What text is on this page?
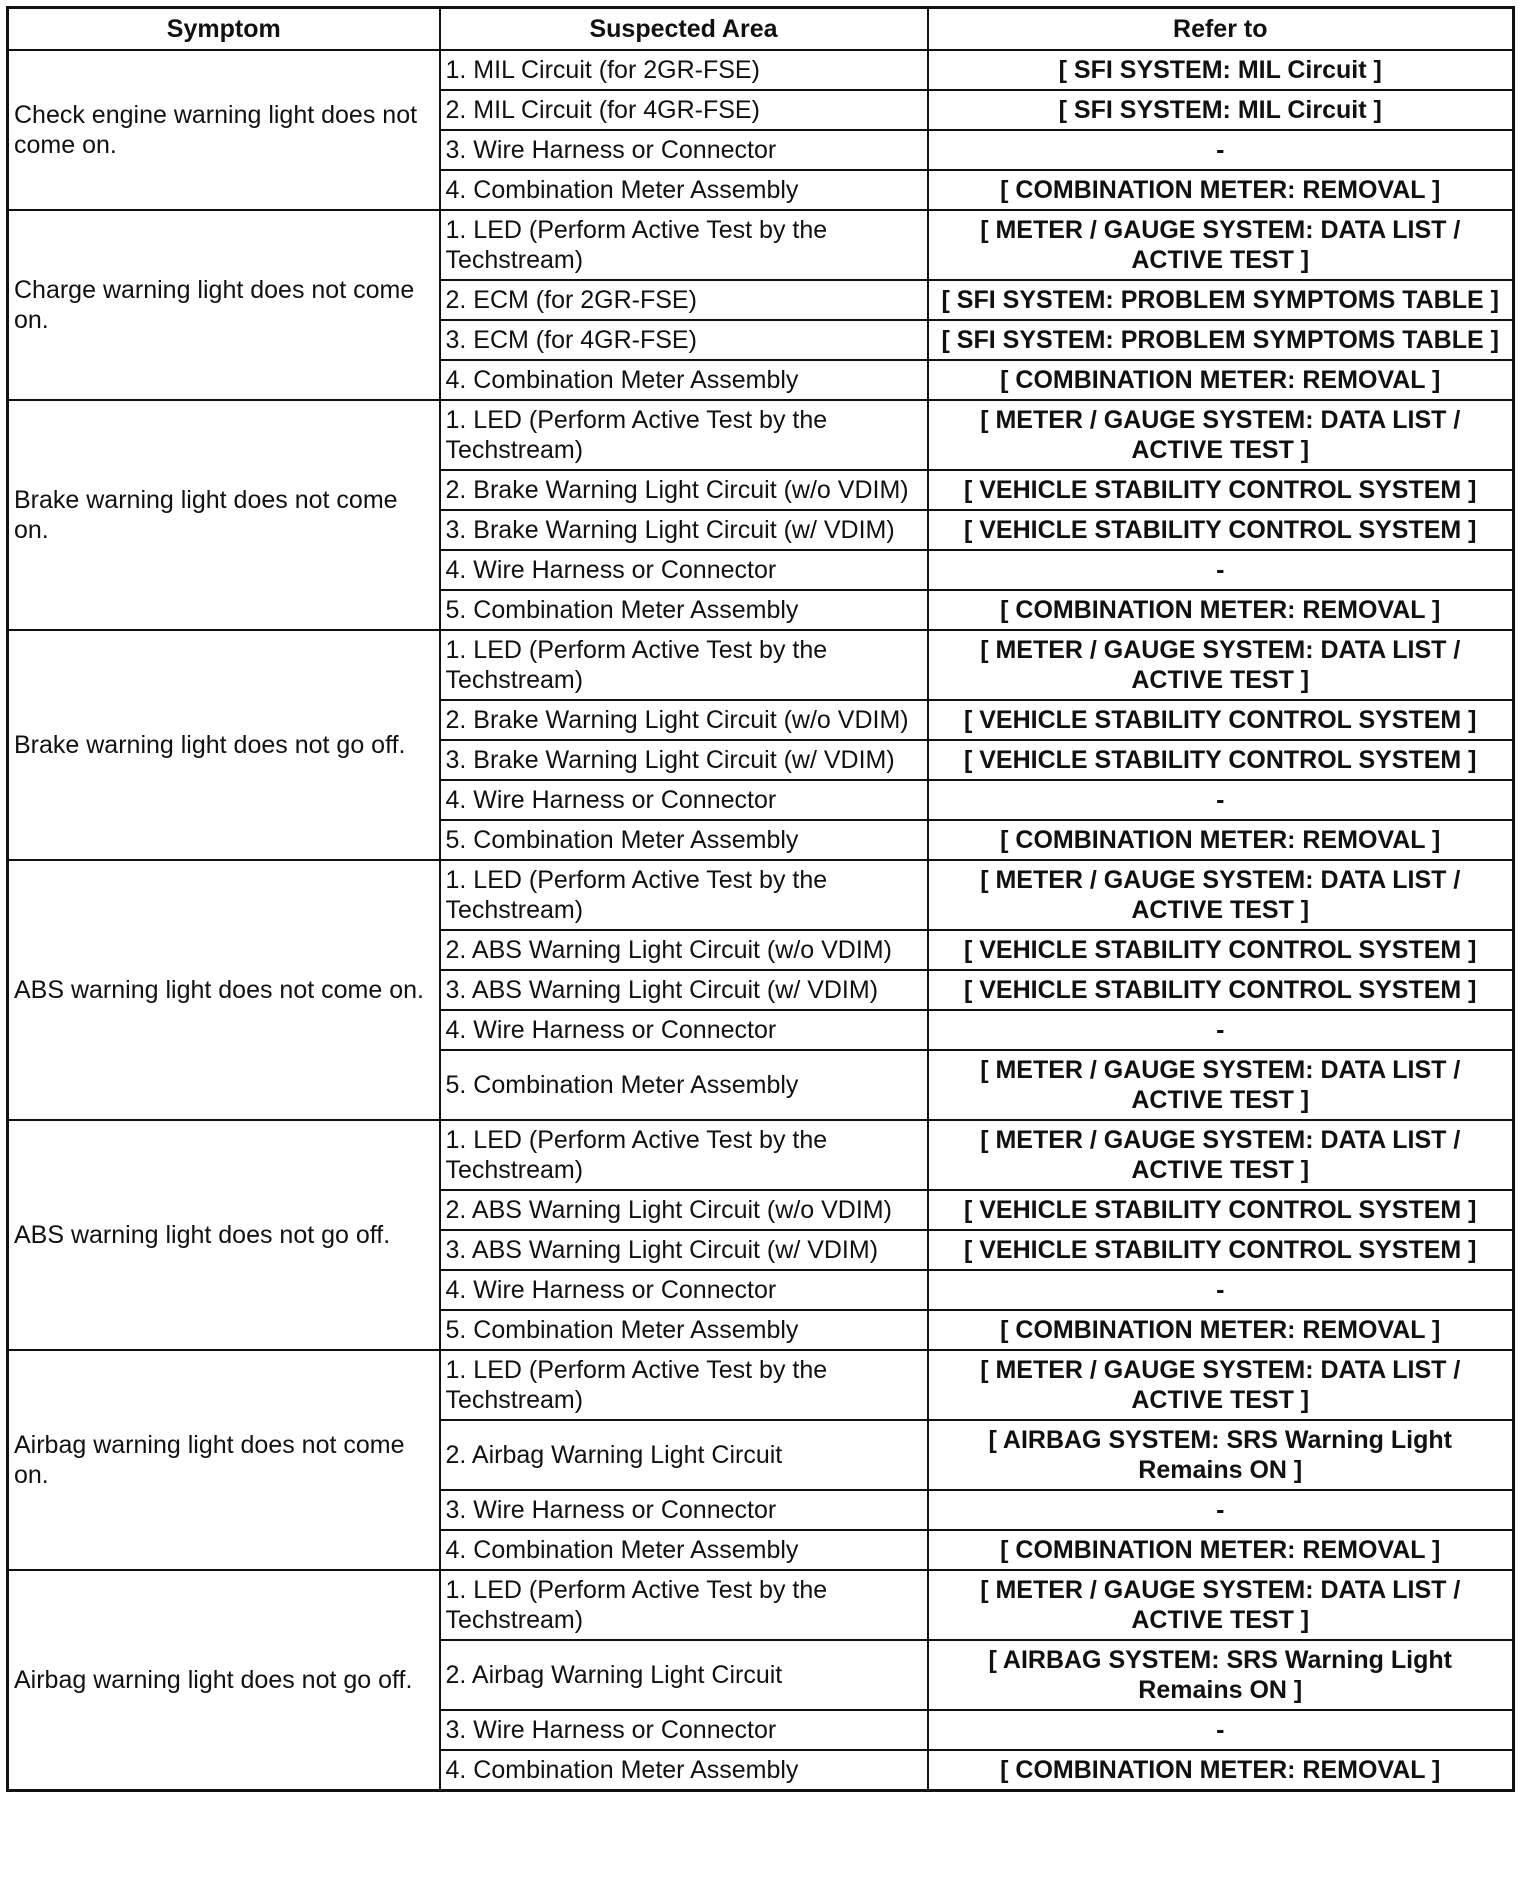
Symptom	Suspected Area	Refer to
Check engine warning light does not come on.	1. MIL Circuit (for 2GR-FSE)	[ SFI SYSTEM: MIL Circuit ]
	2. MIL Circuit (for 4GR-FSE)	[ SFI SYSTEM: MIL Circuit ]
	3. Wire Harness or Connector	-
	4. Combination Meter Assembly	[ COMBINATION METER: REMOVAL ]
Charge warning light does not come on.	1. LED (Perform Active Test by the Techstream)	[ METER / GAUGE SYSTEM: DATA LIST / ACTIVE TEST ]
	2. ECM (for 2GR-FSE)	[ SFI SYSTEM: PROBLEM SYMPTOMS TABLE ]
	3. ECM (for 4GR-FSE)	[ SFI SYSTEM: PROBLEM SYMPTOMS TABLE ]
	4. Combination Meter Assembly	[ COMBINATION METER: REMOVAL ]
Brake warning light does not come on.	1. LED (Perform Active Test by the Techstream)	[ METER / GAUGE SYSTEM: DATA LIST / ACTIVE TEST ]
	2. Brake Warning Light Circuit (w/o VDIM)	[ VEHICLE STABILITY CONTROL SYSTEM ]
	3. Brake Warning Light Circuit (w/ VDIM)	[ VEHICLE STABILITY CONTROL SYSTEM ]
	4. Wire Harness or Connector	-
	5. Combination Meter Assembly	[ COMBINATION METER: REMOVAL ]
Brake warning light does not go off.	1. LED (Perform Active Test by the Techstream)	[ METER / GAUGE SYSTEM: DATA LIST / ACTIVE TEST ]
	2. Brake Warning Light Circuit (w/o VDIM)	[ VEHICLE STABILITY CONTROL SYSTEM ]
	3. Brake Warning Light Circuit (w/ VDIM)	[ VEHICLE STABILITY CONTROL SYSTEM ]
	4. Wire Harness or Connector	-
	5. Combination Meter Assembly	[ COMBINATION METER: REMOVAL ]
ABS warning light does not come on.	1. LED (Perform Active Test by the Techstream)	[ METER / GAUGE SYSTEM: DATA LIST / ACTIVE TEST ]
	2. ABS Warning Light Circuit (w/o VDIM)	[ VEHICLE STABILITY CONTROL SYSTEM ]
	3. ABS Warning Light Circuit (w/ VDIM)	[ VEHICLE STABILITY CONTROL SYSTEM ]
	4. Wire Harness or Connector	-
	5. Combination Meter Assembly	[ METER / GAUGE SYSTEM: DATA LIST / ACTIVE TEST ]
ABS warning light does not go off.	1. LED (Perform Active Test by the Techstream)	[ METER / GAUGE SYSTEM: DATA LIST / ACTIVE TEST ]
	2. ABS Warning Light Circuit (w/o VDIM)	[ VEHICLE STABILITY CONTROL SYSTEM ]
	3. ABS Warning Light Circuit (w/ VDIM)	[ VEHICLE STABILITY CONTROL SYSTEM ]
	4. Wire Harness or Connector	-
	5. Combination Meter Assembly	[ COMBINATION METER: REMOVAL ]
Airbag warning light does not come on.	1. LED (Perform Active Test by the Techstream)	[ METER / GAUGE SYSTEM: DATA LIST / ACTIVE TEST ]
	2. Airbag Warning Light Circuit	[ AIRBAG SYSTEM: SRS Warning Light Remains ON ]
	3. Wire Harness or Connector	-
	4. Combination Meter Assembly	[ COMBINATION METER: REMOVAL ]
Airbag warning light does not go off.	1. LED (Perform Active Test by the Techstream)	[ METER / GAUGE SYSTEM: DATA LIST / ACTIVE TEST ]
	2. Airbag Warning Light Circuit	[ AIRBAG SYSTEM: SRS Warning Light Remains ON ]
	3. Wire Harness or Connector	-
	4. Combination Meter Assembly	[ COMBINATION METER: REMOVAL ]
